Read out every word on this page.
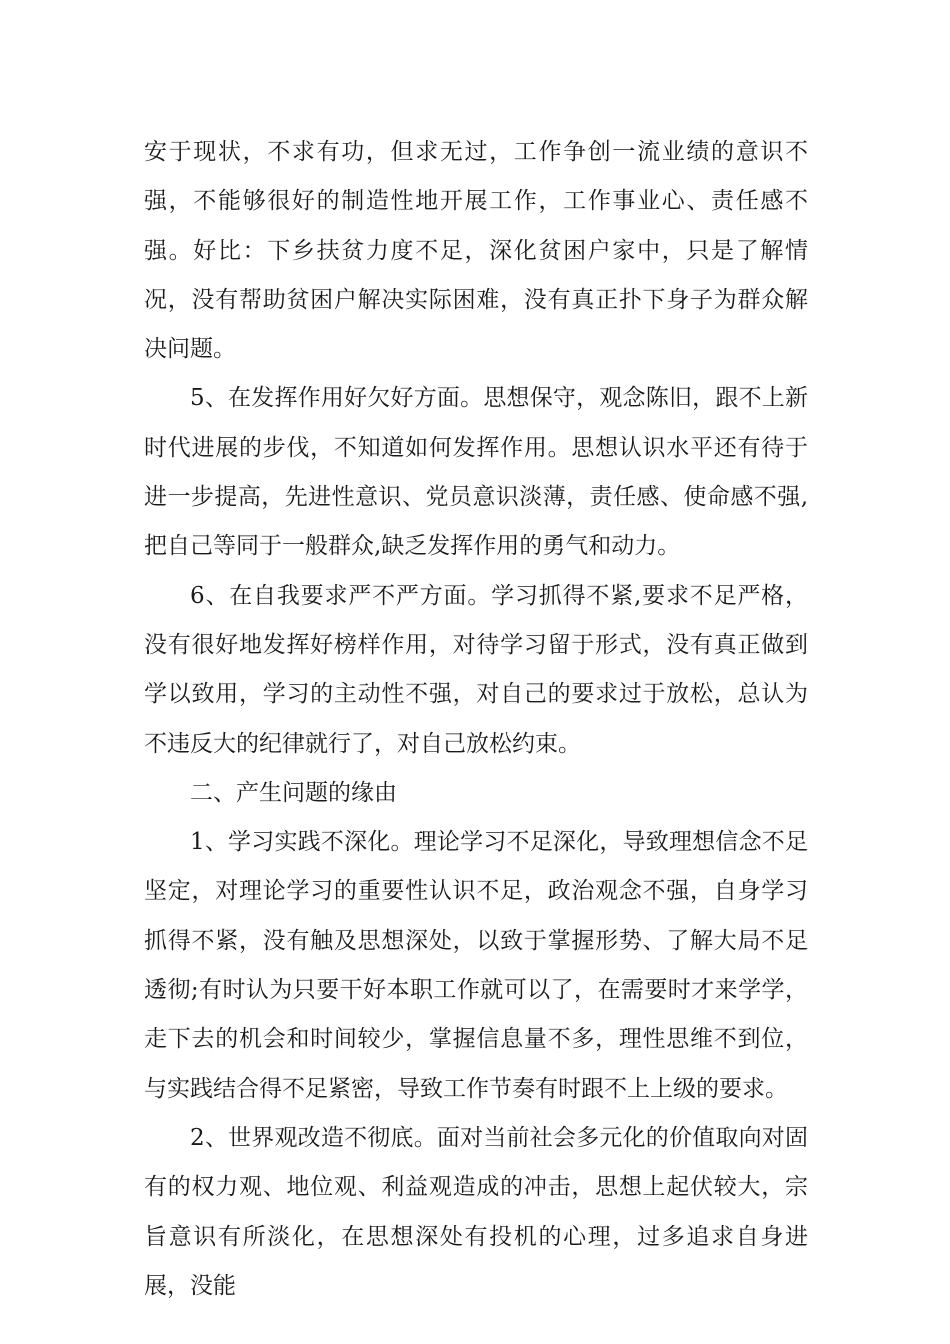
安于现状，不求有功，但求无过，工作争创一流业绩的意识不强，不能够很好的制造性地开展工作，工作事业心、责任感不强。好比：下乡扶贫力度不足，深化贫困户家中，只是了解情况，没有帮助贫困户解决实际困难，没有真正扑下身子为群众解决问题。

5、在发挥作用好欠好方面。思想保守，观念陈旧，跟不上新时代进展的步伐，不知道如何发挥作用。思想认识水平还有待于进一步提高，先进性意识、党员意识淡薄，责任感、使命感不强,把自己等同于一般群众,缺乏发挥作用的勇气和动力。

6、在自我要求严不严方面。学习抓得不紧,要求不足严格，没有很好地发挥好榜样作用，对待学习留于形式，没有真正做到学以致用，学习的主动性不强，对自己的要求过于放松，总认为不违反大的纪律就行了，对自己放松约束。

二、产生问题的缘由

1、学习实践不深化。理论学习不足深化，导致理想信念不足坚定，对理论学习的重要性认识不足，政治观念不强，自身学习抓得不紧，没有触及思想深处，以致于掌握形势、了解大局不足透彻;有时认为只要干好本职工作就可以了，在需要时才来学学，走下去的机会和时间较少，掌握信息量不多，理性思维不到位，与实践结合得不足紧密，导致工作节奏有时跟不上上级的要求。

2、世界观改造不彻底。面对当前社会多元化的价值取向对固有的权力观、地位观、利益观造成的冲击，思想上起伏较大，宗旨意识有所淡化，在思想深处有投机的心理，过多追求自身进展，没能
